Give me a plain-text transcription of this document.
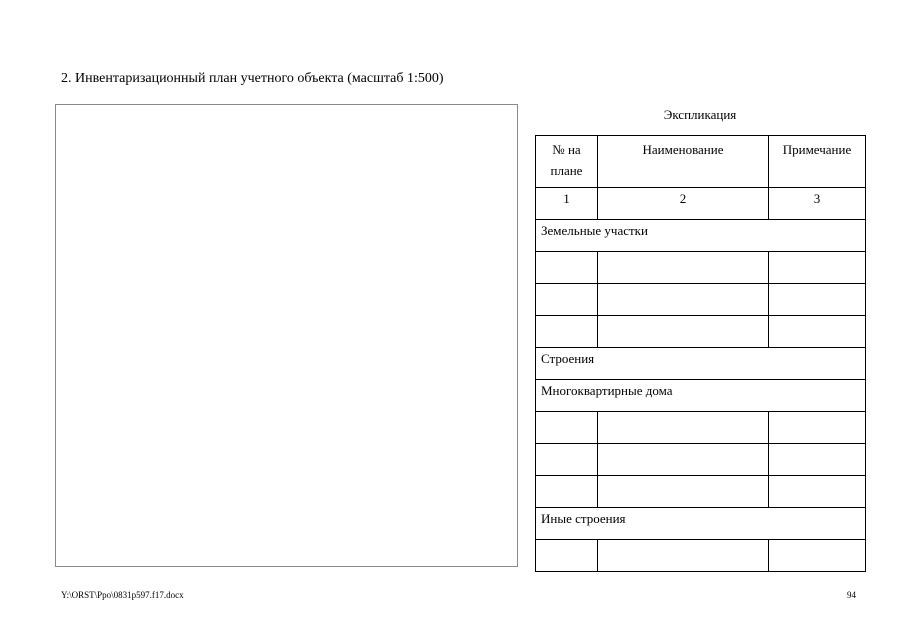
2. Инвентаризационный план учетного объекта (масштаб 1:500)
Экспликация
№ на
плане	Наименование	Примечание
1	2	3
Земельные участки		

Строения		
Многоквартирные дома		

Иные строения		

Y:\ORST\Ppo\0831p597.f17.docx	94
